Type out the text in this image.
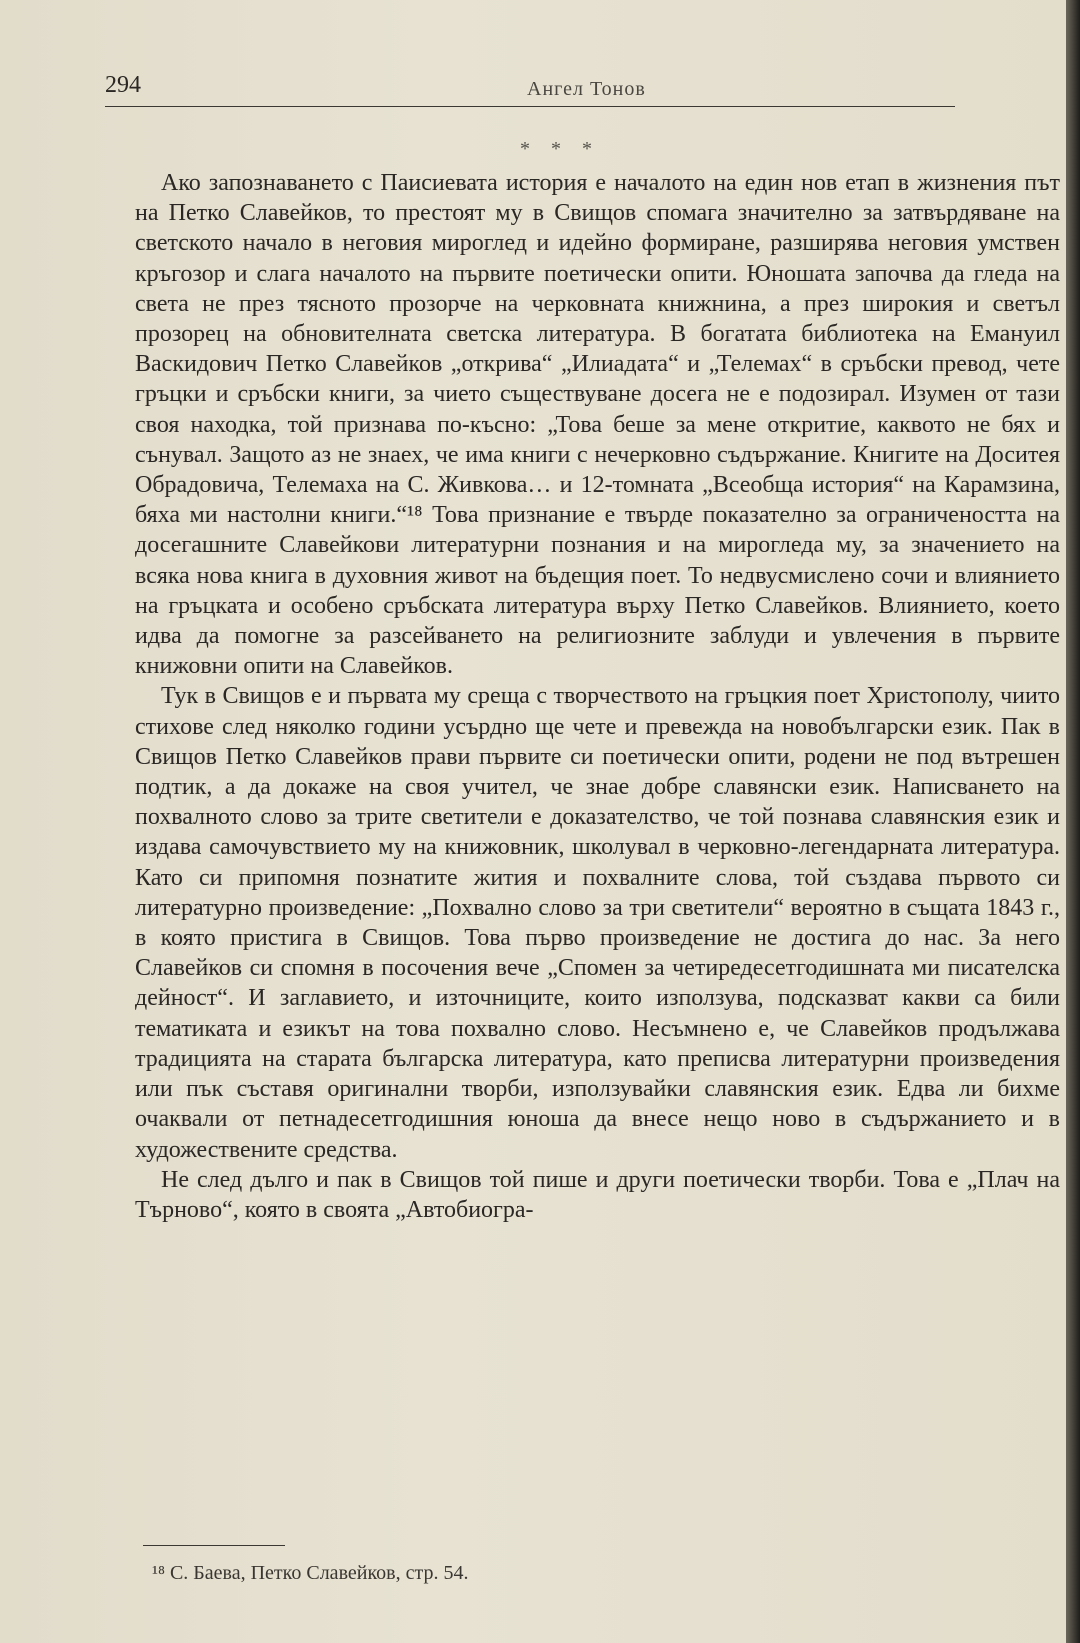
294	Ангел Тонов
* * *

Ако запознаването с Паисиевата история е началото на един нов етап в жизнения път на Петко Славейков, то престоят му в Свищов спомага значително за затвърдяване на светското начало в неговия мироглед и идейно формиране, разширява неговия умствен кръгозор и слага началото на първите поетически опити. Юношата започва да гледа на света не през тясното прозорче на черковната книжнина, а през широкия и светъл прозорец на обновителната светска литература. В богатата библиотека на Емануил Васкидович Петко Славейков „открива“ „Илиадата“ и „Телемах“ в сръбски превод, чете гръцки и сръбски книги, за чието съществуване досега не е подозирал. Изумен от тази своя находка, той признава по-късно: „Това беше за мене откритие, каквото не бях и сънувал. Защото аз не знаех, че има книги с нечерковно съдържание. Книгите на Доситея Обрадовича, Телемаха на С. Живкова… и 12-томната „Всеобща история“ на Карамзина, бяха ми настолни книги.“¹⁸ Това признание е твърде показателно за ограничеността на досегашните Славейкови литературни познания и на мирогледа му, за значението на всяка нова книга в духовния живот на бъдещия поет. То недвусмислено сочи и влиянието на гръцката и особено сръбската литература върху Петко Славейков. Влиянието, което идва да помогне за разсейването на религиозните заблуди и увлечения в първите книжовни опити на Славейков.

Тук в Свищов е и първата му среща с творчеството на гръцкия поет Христополу, чиито стихове след няколко години усърдно ще чете и превежда на новобългарски език. Пак в Свищов Петко Славейков прави първите си поетически опити, родени не под вътрешен подтик, а да докаже на своя учител, че знае добре славянски език. Написването на похвалното слово за трите светители е доказателство, че той познава славянския език и издава самочувствието му на книжовник, школувал в черковно-легендарната литература. Като си припомня познатите жития и похвалните слова, той създава първото си литературно произведение: „Похвално слово за три светители“ вероятно в същата 1843 г., в която пристига в Свищов. Това първо произведение не достига до нас. За него Славейков си спомня в посочения вече „Спомен за четиредесетгодишната ми писателска дейност“. И заглавието, и източниците, които използува, подсказват какви са били тематиката и езикът на това похвално слово. Несъмнено е, че Славейков продължава традицията на старата българска литература, като преписва литературни произведения или пък съставя оригинални творби, използувайки славянския език. Едва ли бихме очаквали от петнадесетгодишния юноша да внесе нещо ново в съдържанието и в художествените средства.

Не след дълго и пак в Свищов той пише и други поетически творби. Това е „Плач на Търново“, която в своята „Автобиогра-

¹⁸ С. Баева, Петко Славейков, стр. 54.
